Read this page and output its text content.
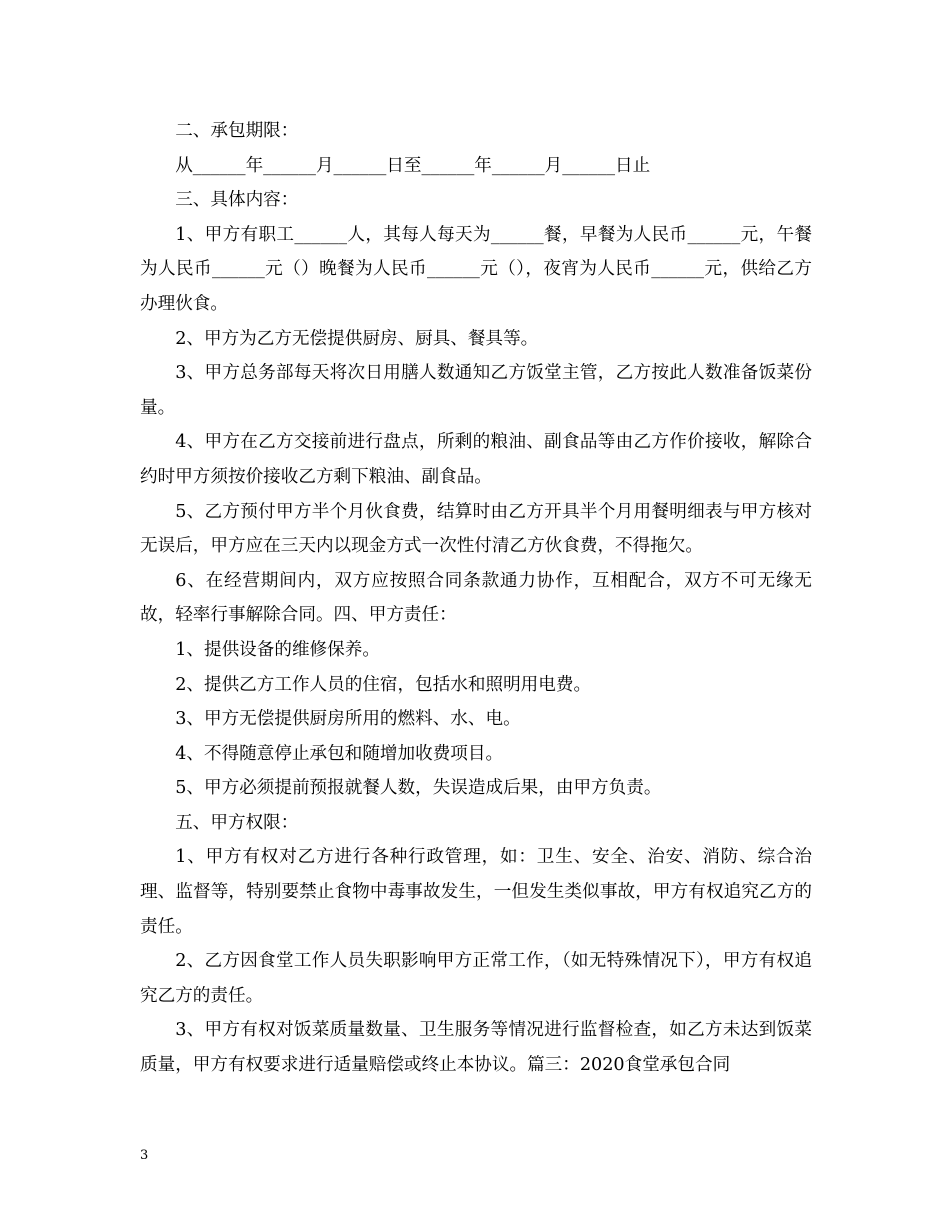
二、承包期限：

从______年______月______日至______年______月______日止

三、具体内容：

1、甲方有职工______人，其每人每天为______餐，早餐为人民币______元，午餐为人民币______元（）晚餐为人民币______元（），夜宵为人民币______元，供给乙方办理伙食。

2、甲方为乙方无偿提供厨房、厨具、餐具等。

3、甲方总务部每天将次日用膳人数通知乙方饭堂主管，乙方按此人数准备饭菜份量。

4、甲方在乙方交接前进行盘点，所剩的粮油、副食品等由乙方作价接收，解除合约时甲方须按价接收乙方剩下粮油、副食品。

5、乙方预付甲方半个月伙食费，结算时由乙方开具半个月用餐明细表与甲方核对无误后，甲方应在三天内以现金方式一次性付清乙方伙食费，不得拖欠。

6、在经营期间内，双方应按照合同条款通力协作，互相配合，双方不可无缘无故，轻率行事解除合同。四、甲方责任：

1、提供设备的维修保养。

2、提供乙方工作人员的住宿，包括水和照明用电费。

3、甲方无偿提供厨房所用的燃料、水、电。

4、不得随意停止承包和随增加收费项目。

5、甲方必须提前预报就餐人数，失误造成后果，由甲方负责。

五、甲方权限：

1、甲方有权对乙方进行各种行政管理，如：卫生、安全、治安、消防、综合治理、监督等，特别要禁止食物中毒事故发生，一但发生类似事故，甲方有权追究乙方的责任。

2、乙方因食堂工作人员失职影响甲方正常工作，（如无特殊情况下），甲方有权追究乙方的责任。

3、甲方有权对饭菜质量数量、卫生服务等情况进行监督检查，如乙方未达到饭菜质量，甲方有权要求进行适量赔偿或终止本协议。篇三：2020食堂承包合同

3
